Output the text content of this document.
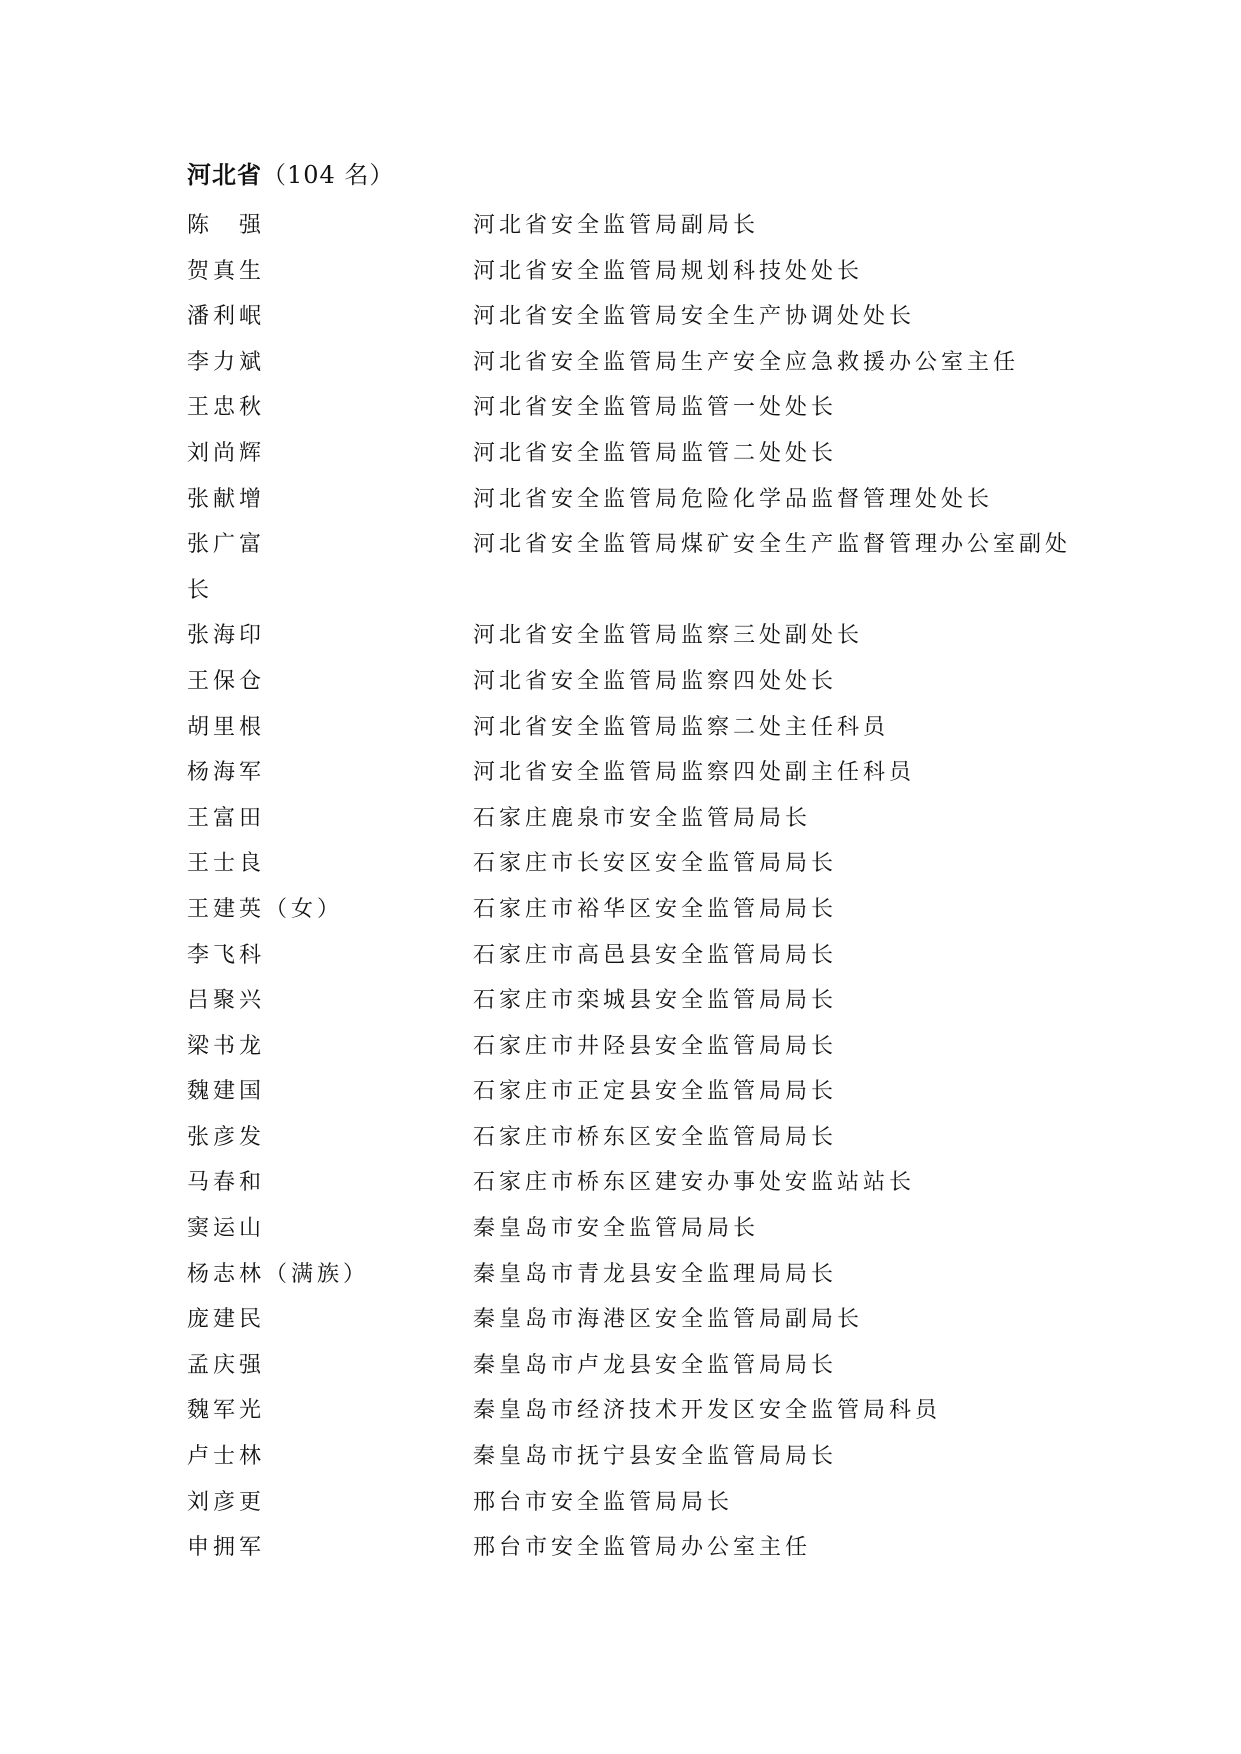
河北省（104 名）
陈　强	河北省安全监管局副局长
贺真生	河北省安全监管局规划科技处处长
潘利岷	河北省安全监管局安全生产协调处处长
李力斌	河北省安全监管局生产安全应急救援办公室主任
王忠秋	河北省安全监管局监管一处处长
刘尚辉	河北省安全监管局监管二处处长
张献增	河北省安全监管局危险化学品监督管理处处长
张广富	河北省安全监管局煤矿安全生产监督管理办公室副处
长
张海印	河北省安全监管局监察三处副处长
王保仓	河北省安全监管局监察四处处长
胡里根	河北省安全监管局监察二处主任科员
杨海军	河北省安全监管局监察四处副主任科员
王富田	石家庄鹿泉市安全监管局局长
王士良	石家庄市长安区安全监管局局长
王建英（女）	石家庄市裕华区安全监管局局长
李飞科	石家庄市高邑县安全监管局局长
吕聚兴	石家庄市栾城县安全监管局局长
梁书龙	石家庄市井陉县安全监管局局长
魏建国	石家庄市正定县安全监管局局长
张彦发	石家庄市桥东区安全监管局局长
马春和	石家庄市桥东区建安办事处安监站站长
窦运山	秦皇岛市安全监管局局长
杨志林（满族）	秦皇岛市青龙县安全监理局局长
庞建民	秦皇岛市海港区安全监管局副局长
孟庆强	秦皇岛市卢龙县安全监管局局长
魏军光	秦皇岛市经济技术开发区安全监管局科员
卢士林	秦皇岛市抚宁县安全监管局局长
刘彦更	邢台市安全监管局局长
申拥军	邢台市安全监管局办公室主任
